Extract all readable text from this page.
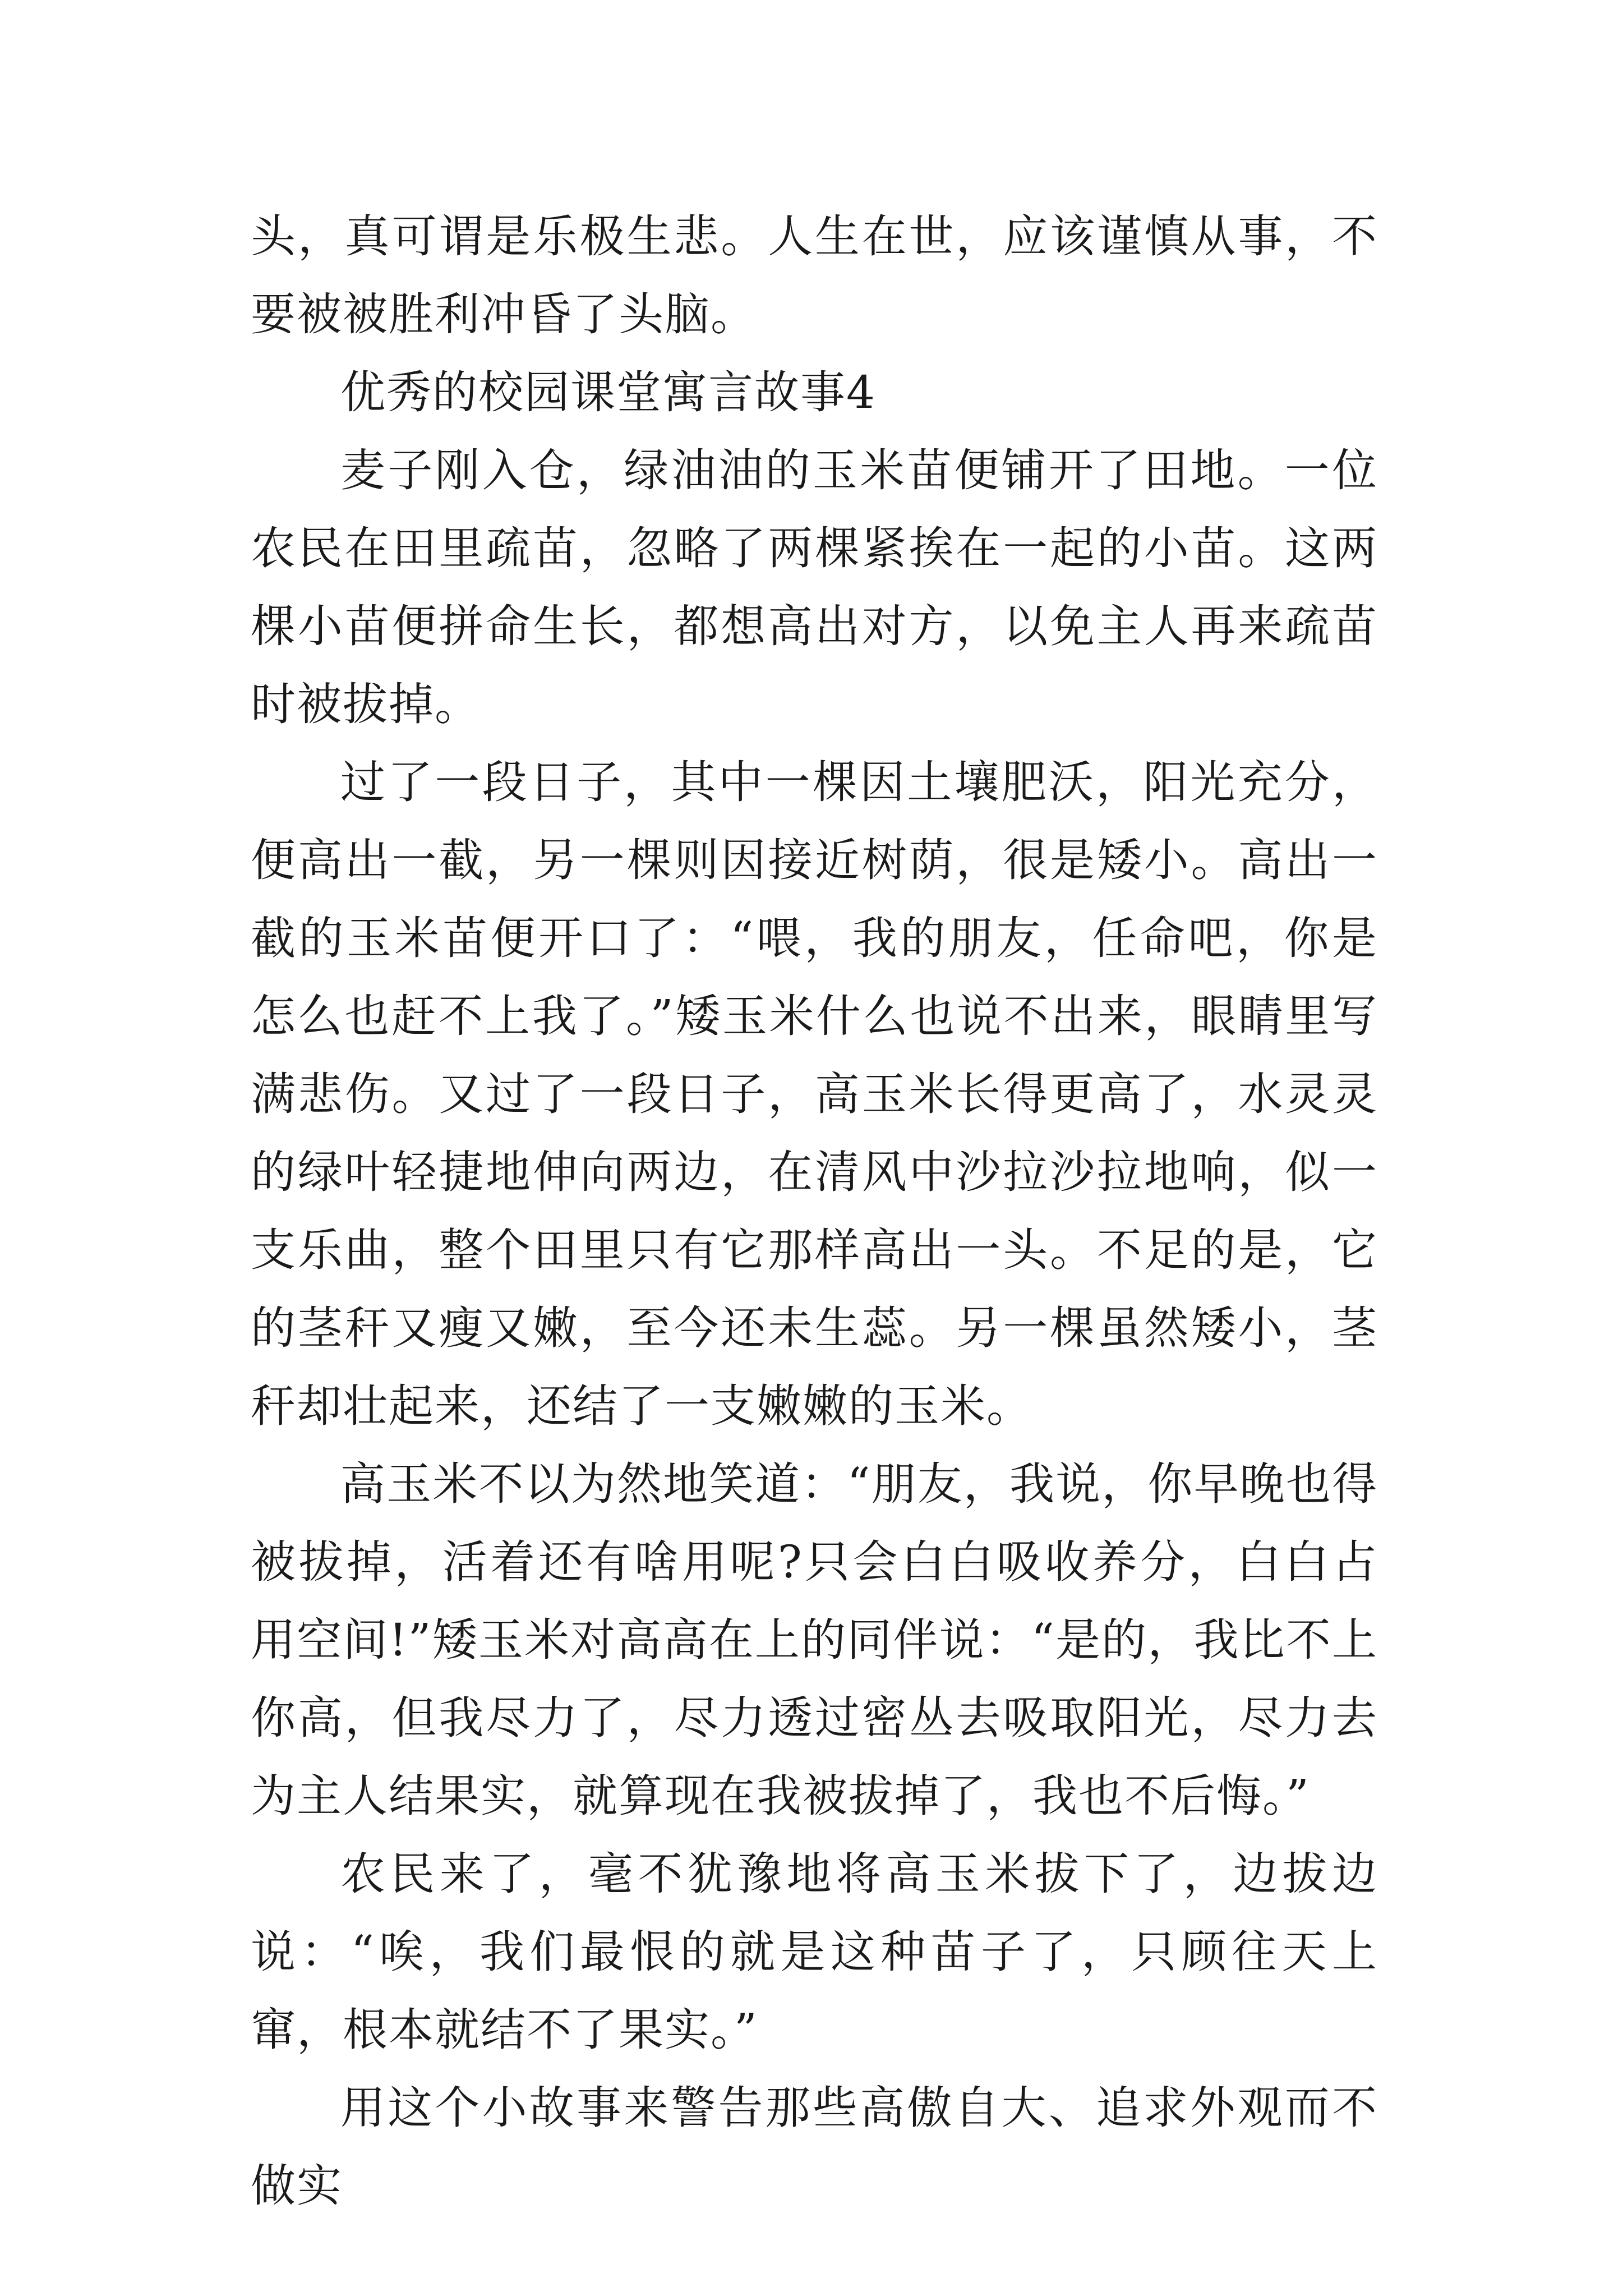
头，真可谓是乐极生悲。人生在世，应该谨慎从事，不要被被胜利冲昏了头脑。

优秀的校园课堂寓言故事4

麦子刚入仓，绿油油的玉米苗便铺开了田地。一位农民在田里疏苗，忽略了两棵紧挨在一起的小苗。这两棵小苗便拼命生长，都想高出对方，以免主人再来疏苗时被拔掉。

过了一段日子，其中一棵因土壤肥沃，阳光充分，便高出一截，另一棵则因接近树荫，很是矮小。高出一截的玉米苗便开口了：“喂，我的朋友，任命吧，你是怎么也赶不上我了。”矮玉米什么也说不出来，眼睛里写满悲伤。又过了一段日子，高玉米长得更高了，水灵灵的绿叶轻捷地伸向两边，在清风中沙拉沙拉地响，似一支乐曲，整个田里只有它那样高出一头。不足的是，它的茎秆又瘦又嫩，至今还未生蕊。另一棵虽然矮小，茎秆却壮起来，还结了一支嫩嫩的玉米。

高玉米不以为然地笑道：“朋友，我说，你早晚也得被拔掉，活着还有啥用呢?只会白白吸收养分，白白占用空间!”矮玉米对高高在上的同伴说：“是的，我比不上你高，但我尽力了，尽力透过密丛去吸取阳光，尽力去为主人结果实，就算现在我被拔掉了，我也不后悔。”

农民来了，毫不犹豫地将高玉米拔下了，边拔边说：“唉，我们最恨的就是这种苗子了，只顾往天上窜，根本就结不了果实。”

用这个小故事来警告那些高傲自大、追求外观而不做实
